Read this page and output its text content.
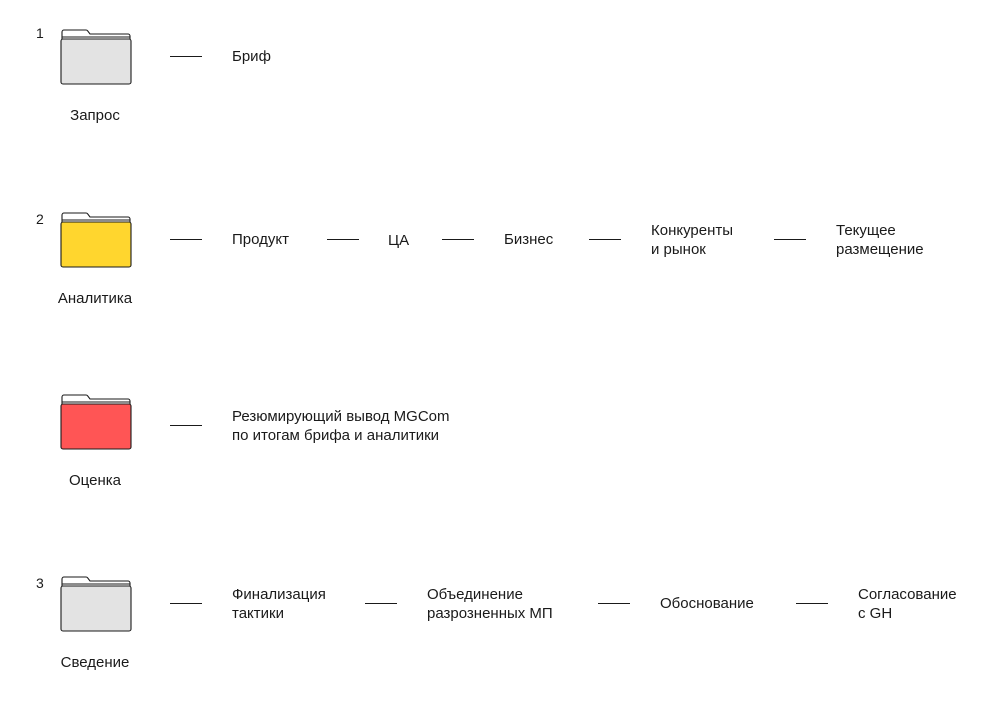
1
Запрос
Бриф
2
Аналитика
Продукт	ЦА	Бизнес
Конкуренты
и рынок
Текущее
размещение
Оценка
Резюмирующий вывод MGCom
по итогам брифа и аналитики
3
Сведение
Финализация
тактики
Объединение
разрозненных МП
Обоснование
Согласование
с GH
